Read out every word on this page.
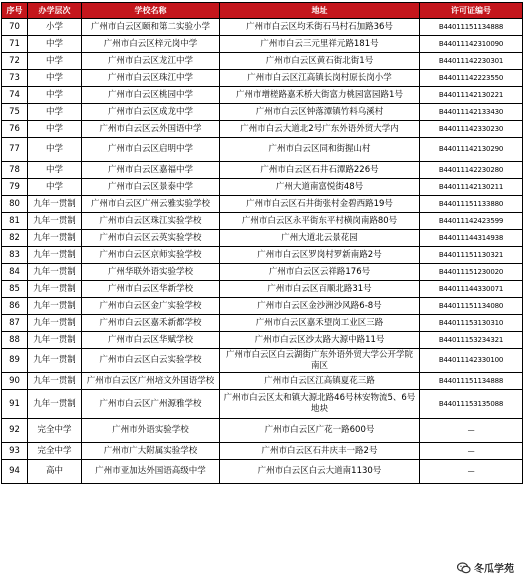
序号	办学层次	学校名称	地址	许可证编号
70	小学	广州市白云区颐和第二实验小学	广州市白云区均禾街石马村石加路36号	B44011151134888
71	中学	广州市白云区梓元岗中学	广州市白云三元里祥元路181号	B44011142310090
72	中学	广州市白云区龙江中学	广州市白云区黄石街北街1号	B44011142230301
73	中学	广州市白云区珠江中学	广州市白云区江高镇长岗村原长岗小学	B44011142223550
74	中学	广州市白云区桃园中学	广州市增槎路嘉禾桥大街富力桃园富园路1号	B44011142130221
75	中学	广州市白云区成龙中学	广州市白云区钟落潭镇竹料乌溪村	B44011142133430
76	中学	广州市白云区云外国语中学	广州市白云大道北2号广东外语外贸大学内	B44011142330230
77	中学	广州市白云区启明中学	广州市白云区同和街握山村	B44011142130290
78	中学	广州市白云区嘉福中学	广州市白云区石井石潭路226号	B44011142230280
79	中学	广州市白云区景泰中学	广州大道南富悦街48号	B44011142130211
80	九年一贯制	广州市白云区广州云雅实验学校	广州市白云区石井街张村金碧西路19号	B44011151133880
81	九年一贯制	广州市白云区珠江实验学校	广州市白云区永平街东平村横岗南路80号	B44011142423599
82	九年一贯制	广州市白云区云英实验学校	广州大道北云景花园	B44011144314938
83	九年一贯制	广州市白云区京师实验学校	广州市白云区罗岗村罗新南路2号	B44011151130321
84	九年一贯制	广州华联外语实验学校	广州市白云区云祥路176号	B44011151230020
85	九年一贯制	广州市白云区华新学校	广州市白云区百顺北路31号	B44011144330071
86	九年一贯制	广州市白云区金广实验学校	广州市白云区金沙洲沙风路6-8号	B44011151134080
87	九年一贯制	广州市白云区嘉禾新都学校	广州市白云区嘉禾望岗工业区三路	B44011153130310
88	九年一贯制	广州市白云区华赋学校	广州市白云区沙太路大源中路11号	B44011153234321
89	九年一贯制	广州市白云区白云实验学校	广州市白云区白云湖街广东外语外贸大学公开学院南区	B44011142330100
90	九年一贯制	广州市白云区广州培文外国语学校	广州市白云区江高镇夏花三路	B44011151134888
91	九年一贯制	广州市白云区广州源雅学校	广州市白云区太和镇大源北路46号林安物流5、6号地块	B44011153135088
92	完全中学	广州市外语实验学校	广州市白云区广花一路600号	—
93	完全中学	广州市广大附属实验学校	广州市白云区石井庆丰一路2号	—
94	高中	广州市亚加达外国语高级中学	广州市白云区白云大道南1130号	—
冬瓜学苑
